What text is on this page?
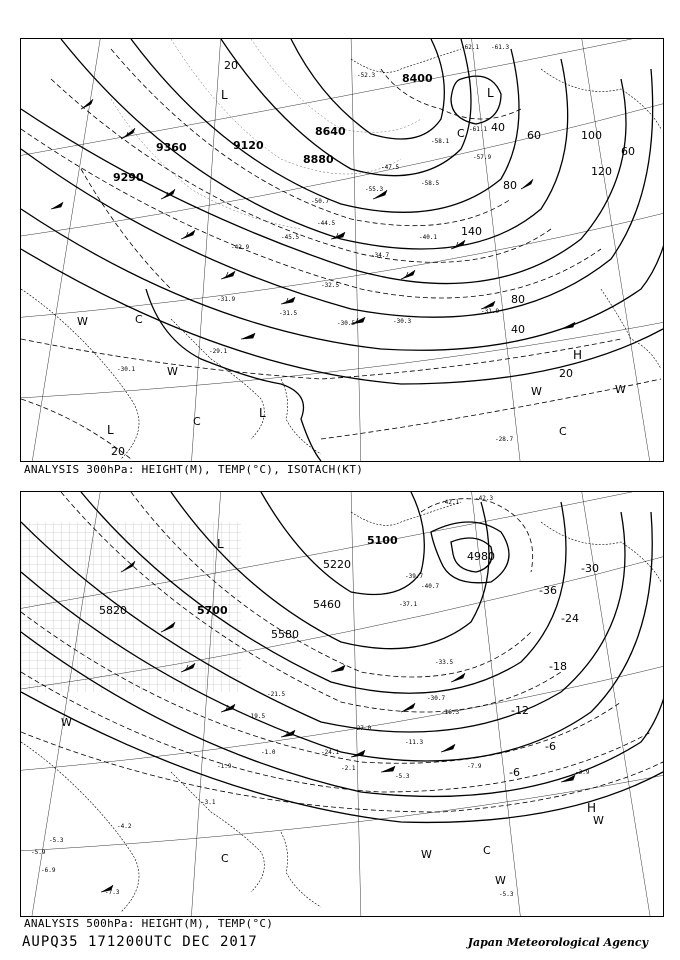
9360	9120
8880
8640
8400
9290
20
40
60
80
100
120
140
80
60
40
20
20
-28.7
-29.1
-30.1
-30.3
-31.9
-30.5
-31.5
-32.5
-34.7
-40.1
-44.5
-47.5
-52.3
-58.1
-58.5
-61.1
-61.3
-62.1
-57.9
-55.3
-50.7
-45.5
-42.9
-31.9
L	L
L
L
H
W
W
W	W
C
C
C
C
ANALYSIS 300hPa: HEIGHT(M), TEMP(°C), ISOTACH(KT)
5820	5700
5580
5460
5220
4980
5100
-30
-36
-24
-18
-12
-6
-6
-42.1
-42.3
-40.7
-39.7
-37.1
-33.5
-30.7
-27.0
-24.1
-16.3
-11.3
-7.9
-5.3
-3.9
-3.1
-2.1
-1.9
-1.0
-4.2
-5.9
-5.3
-7.3
-6.9
-5.3
-21.5
-19.5
L
H
W
W
W
W
C
C
ANALYSIS 500hPa: HEIGHT(M), TEMP(°C)
AUPQ35 171200UTC DEC 2017	Japan Meteorological Agency
